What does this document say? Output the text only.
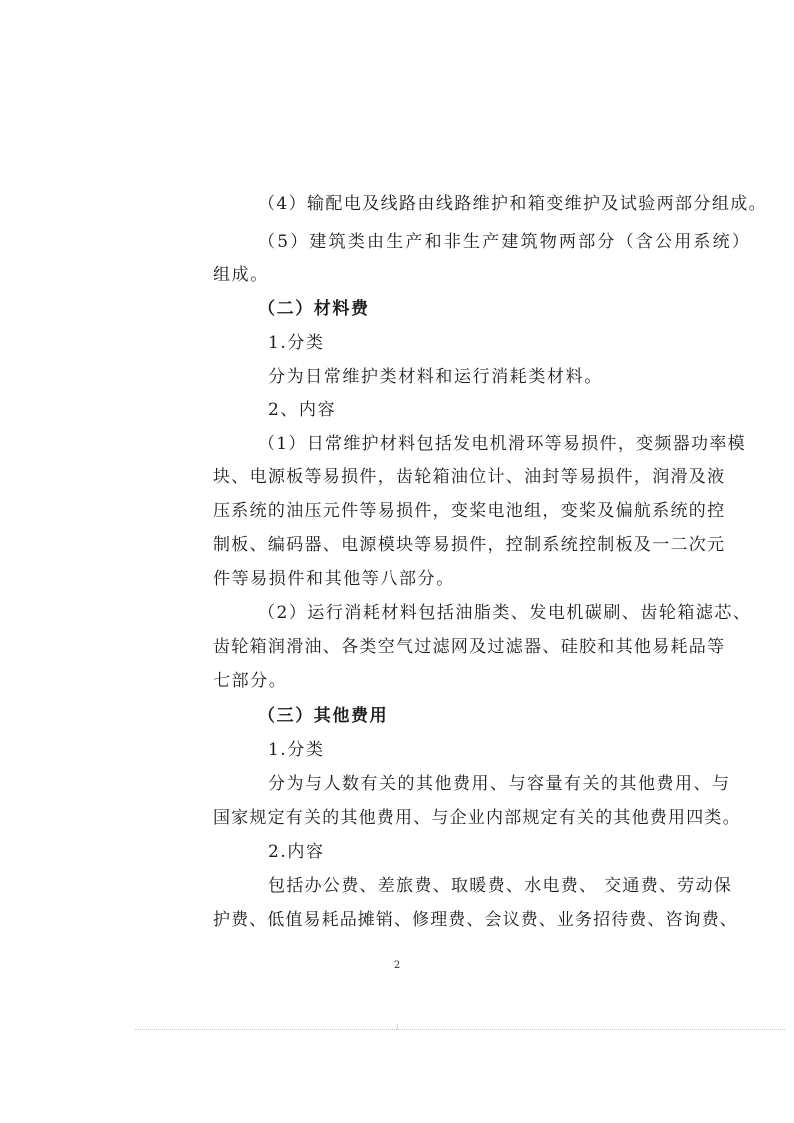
（4）输配电及线路由线路维护和箱变维护及试验两部分组成。
（5）建筑类由生产和非生产建筑物两部分（含公用系统）
组成。
（二）材料费
1.分类
分为日常维护类材料和运行消耗类材料。
2、内容
（1）日常维护材料包括发电机滑环等易损件，变频器功率模
块、电源板等易损件，齿轮箱油位计、油封等易损件，润滑及液
压系统的油压元件等易损件，变桨电池组，变桨及偏航系统的控
制板、编码器、电源模块等易损件，控制系统控制板及一二次元
件等易损件和其他等八部分。
（2）运行消耗材料包括油脂类、发电机碳刷、齿轮箱滤芯、
齿轮箱润滑油、各类空气过滤网及过滤器、硅胶和其他易耗品等
七部分。
（三）其他费用
1.分类
分为与人数有关的其他费用、与容量有关的其他费用、与
国家规定有关的其他费用、与企业内部规定有关的其他费用四类。
2.内容
包括办公费、差旅费、取暖费、水电费、 交通费、劳动保
护费、低值易耗品摊销、修理费、会议费、业务招待费、咨询费、
2
